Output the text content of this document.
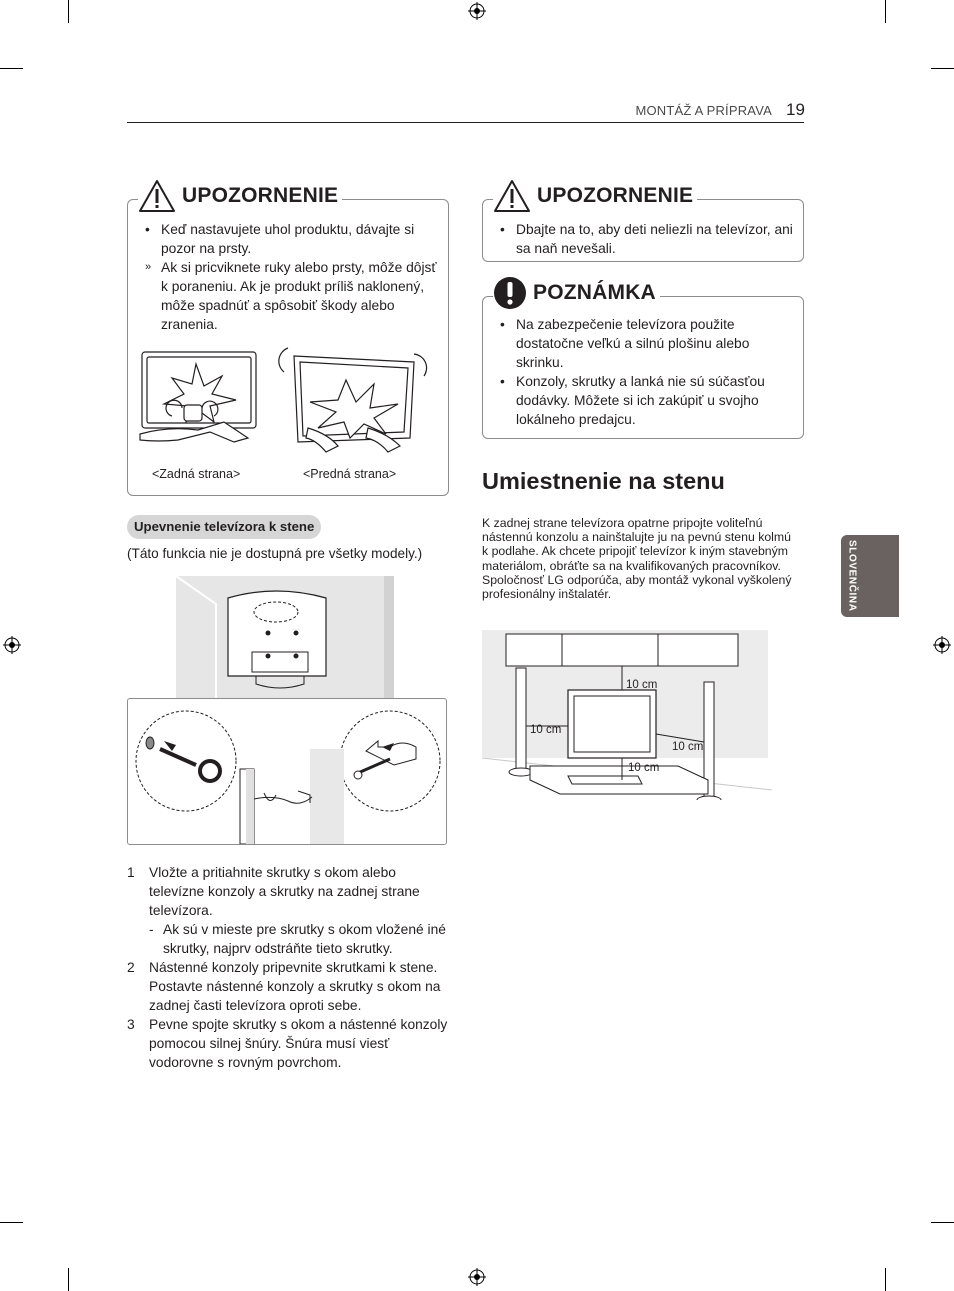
MONTÁŽ A PRÍPRAVA 19
SLOVENČINA
• Keď nastavujete uhol produktu, dávajte si pozor na prsty.
» Ak si pricviknete ruky alebo prsty, môže dôjsť k poraneniu. Ak je produkt príliš naklonený, môže spadnúť a spôsobiť škody alebo zranenia.
<Zadná strana>	<Predná strana>
UPOZORNENIE
Upevnenie televízora k stene
(Táto funkcia nie je dostupná pre všetky modely.)
1 Vložte a pritiahnite skrutky s okom alebo televízne konzoly a skrutky na zadnej strane televízora.
- Ak sú v mieste pre skrutky s okom vložené iné skrutky, najprv odstráňte tieto skrutky.
2 Nástenné konzoly pripevnite skrutkami k stene. Postavte nástenné konzoly a skrutky s okom na zadnej časti televízora oproti sebe.
3 Pevne spojte skrutky s okom a nástenné konzoly pomocou silnej šnúry. Šnúra musí viesť vodorovne s rovným povrchom.
• Dbajte na to, aby deti neliezli na televízor, ani sa naň nevešali.
UPOZORNENIE
• Na zabezpečenie televízora použite dostatočne veľkú a silnú plošinu alebo skrinku.
• Konzoly, skrutky a lanká nie sú súčasťou dodávky. Môžete si ich zakúpiť u svojho lokálneho predajcu.
POZNÁMKA
Umiestnenie na stenu
K zadnej strane televízora opatrne pripojte voliteľnú nástennú konzolu a nainštalujte ju na pevnú stenu kolmú k podlahe. Ak chcete pripojiť televízor k iným stavebným materiálom, obráťte sa na kvalifikovaných pracovníkov.
Spoločnosť LG odporúča, aby montáž vykonal vyškolený profesionálny inštalatér.
10 cm
10 cm
10 cm
10 cm
